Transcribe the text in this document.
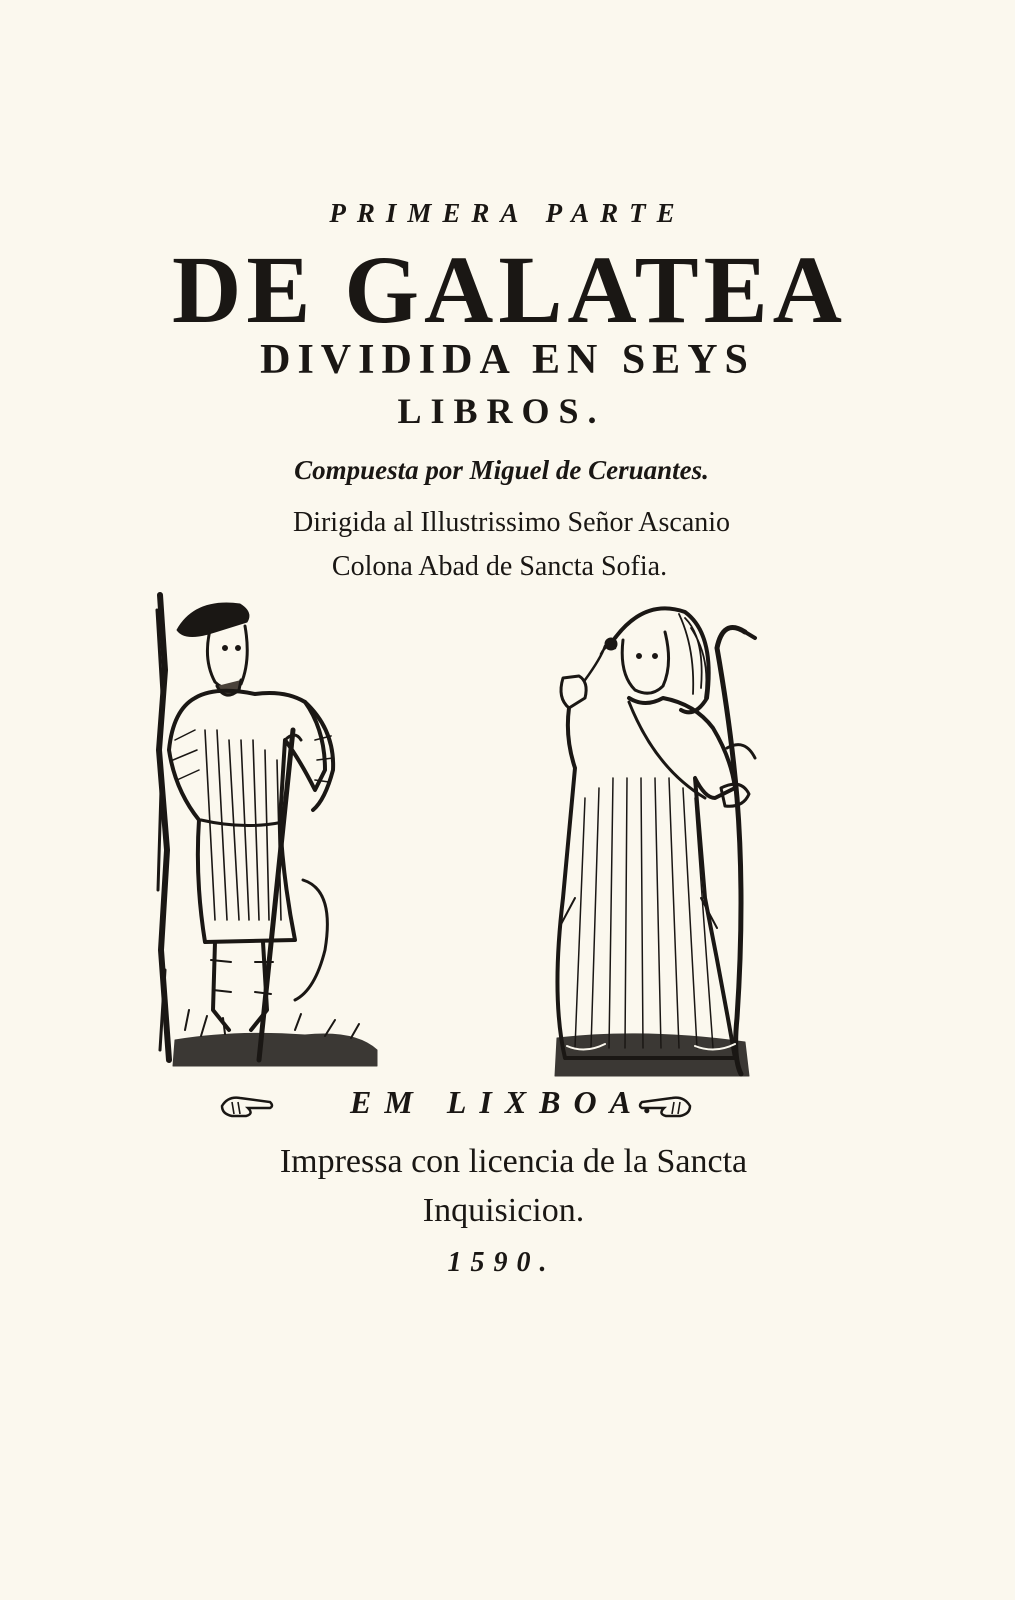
PRIMERA PARTE
DE GALATEA
DIVIDIDA EN SEYS
LIBROS.
Compuesta por Miguel de Ceruantes.
Dirigida al Illustrissimo Señor Ascanio
Colona Abad de Sancta Sofia.
EM LIXBOA.
Impressa con licencia de la Sancta
Inquisicion.
1590.
